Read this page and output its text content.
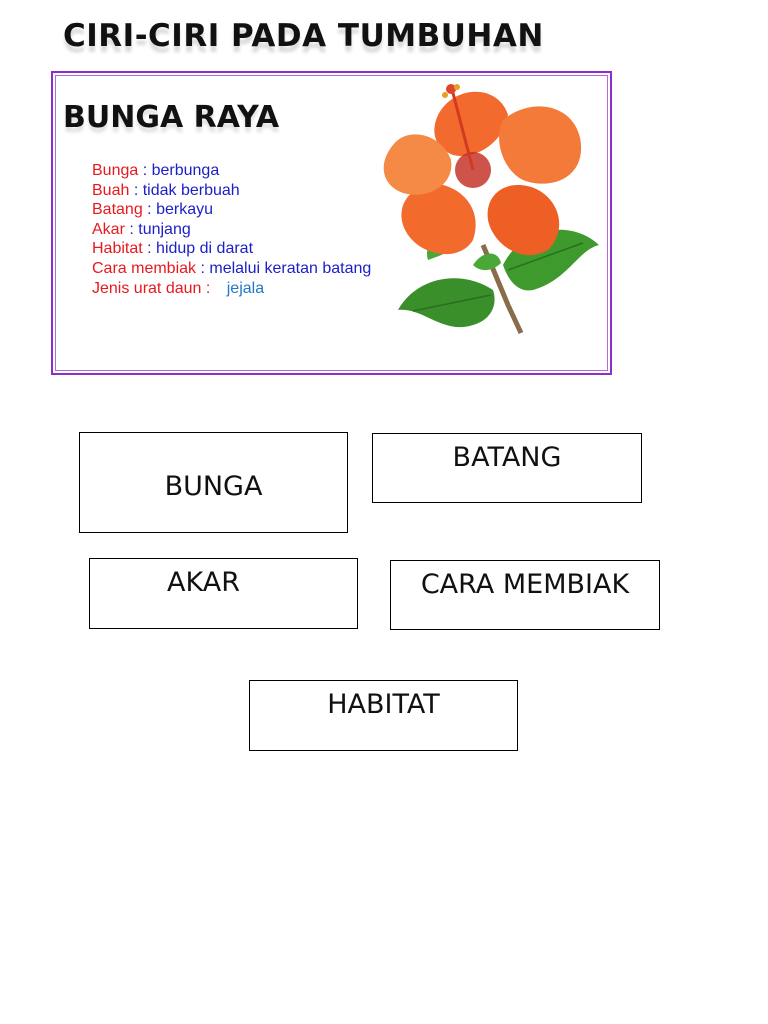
CIRI-CIRI PADA TUMBUHAN
BUNGA RAYA
Bunga : berbunga
Buah : tidak berbuah
Batang : berkayu
Akar : tunjang
Habitat : hidup di darat
Cara membiak : melalui keratan batang
Jenis urat daun : jejala
BUNGA
BATANG
AKAR	CARA MEMBIAK
HABITAT
